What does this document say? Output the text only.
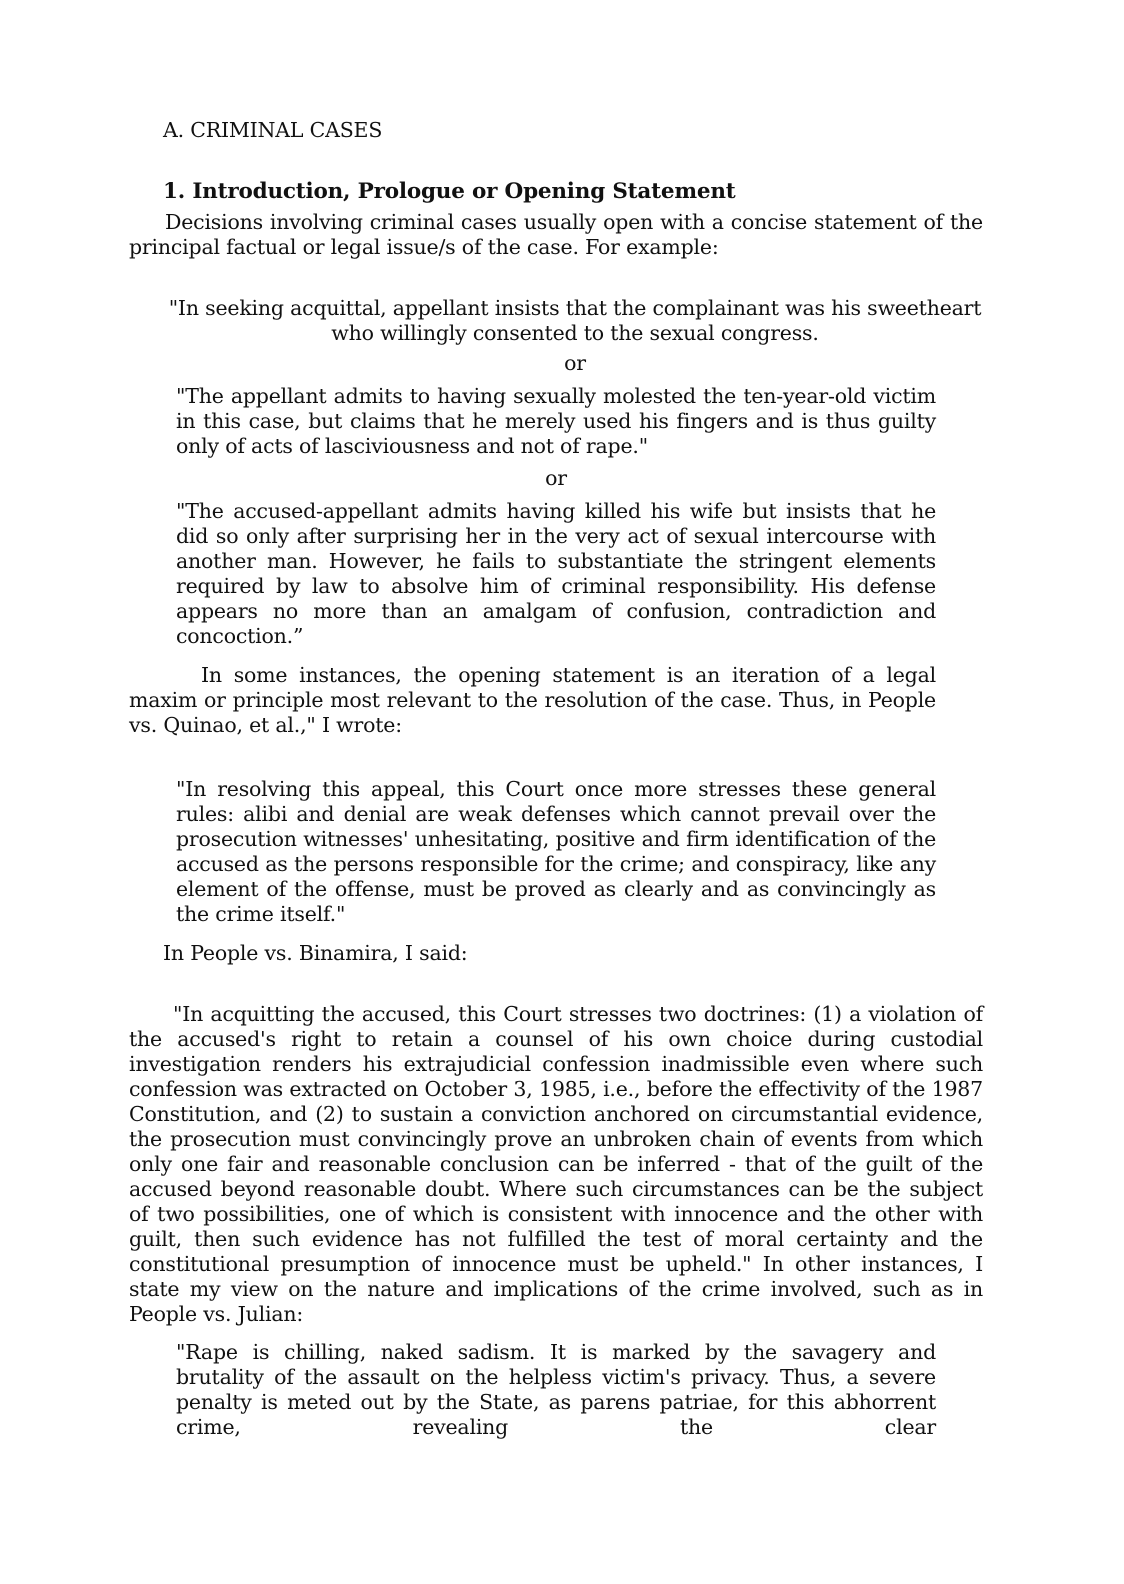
A. CRIMINAL CASES

1. Introduction, Prologue or Opening Statement

Decisions involving criminal cases usually open with a concise statement of the principal factual or legal issue/s of the case. For example:

"In seeking acquittal, appellant insists that the complainant was his sweetheart who willingly consented to the sexual congress.

or

"The appellant admits to having sexually molested the ten-year-old victim in this case, but claims that he merely used his fingers and is thus guilty only of acts of lasciviousness and not of rape."

or

"The accused-appellant admits having killed his wife but insists that he did so only after surprising her in the very act of sexual intercourse with another man. However, he fails to substantiate the stringent elements required by law to absolve him of criminal responsibility. His defense appears no more than an amalgam of confusion, contradiction and concoction.”

In some instances, the opening statement is an iteration of a legal maxim or principle most relevant to the resolution of the case. Thus, in People vs. Quinao, et al.," I wrote:

"In resolving this appeal, this Court once more stresses these general rules: alibi and denial are weak defenses which cannot prevail over the prosecution witnesses' unhesitating, positive and firm identification of the accused as the persons responsible for the crime; and conspiracy, like any element of the offense, must be proved as clearly and as convincingly as the crime itself."

In People vs. Binamira, I said:

"In acquitting the accused, this Court stresses two doctrines: (1) a violation of the accused's right to retain a counsel of his own choice during custodial investigation renders his extrajudicial confession inadmissible even where such confession was extracted on October 3, 1985, i.e., before the effectivity of the 1987 Constitution, and (2) to sustain a conviction anchored on circumstantial evidence, the prosecution must convincingly prove an unbroken chain of events from which only one fair and reasonable conclusion can be inferred - that of the guilt of the accused beyond reasonable doubt. Where such circumstances can be the subject of two possibilities, one of which is consistent with innocence and the other with guilt, then such evidence has not fulfilled the test of moral certainty and the constitutional presumption of innocence must be upheld." In other instances, I state my view on the nature and implications of the crime involved, such as in People vs. Julian:

"Rape is chilling, naked sadism. It is marked by the savagery and brutality of the assault on the helpless victim's privacy. Thus, a severe penalty is meted out by the State, as parens patriae, for this abhorrent crime, revealing the clear
